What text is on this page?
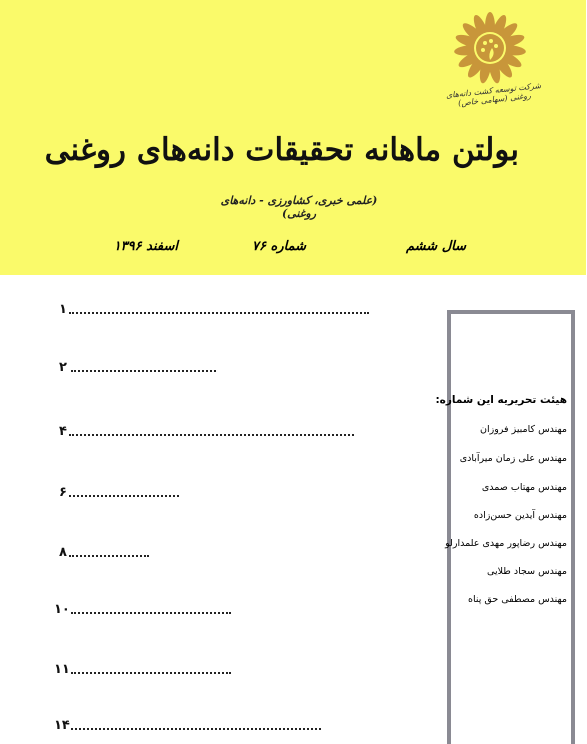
شرکت توسعه کشت دانه‌های روغنی (سهامی خاص)
بولتن ماهانه تحقیقات دانه‌های روغنی
(علمی خبری، کشاورزی - دانه‌های روغنی)
سال ششم
شماره ۷۶
اسفند ۱۳۹۶
۱
۲
۴
۶
۸
۱۰
۱۱
۱۴
هیئت تحریریه این شماره:
مهندس کامبیز فروزان
مهندس علی زمان میرآبادی
مهندس مهتاب صمدی
مهندس آیدین حسن‌زاده
مهندس رضاپور مهدی علمدارلو
مهندس سجاد طلایی
مهندس مصطفی حق پناه
